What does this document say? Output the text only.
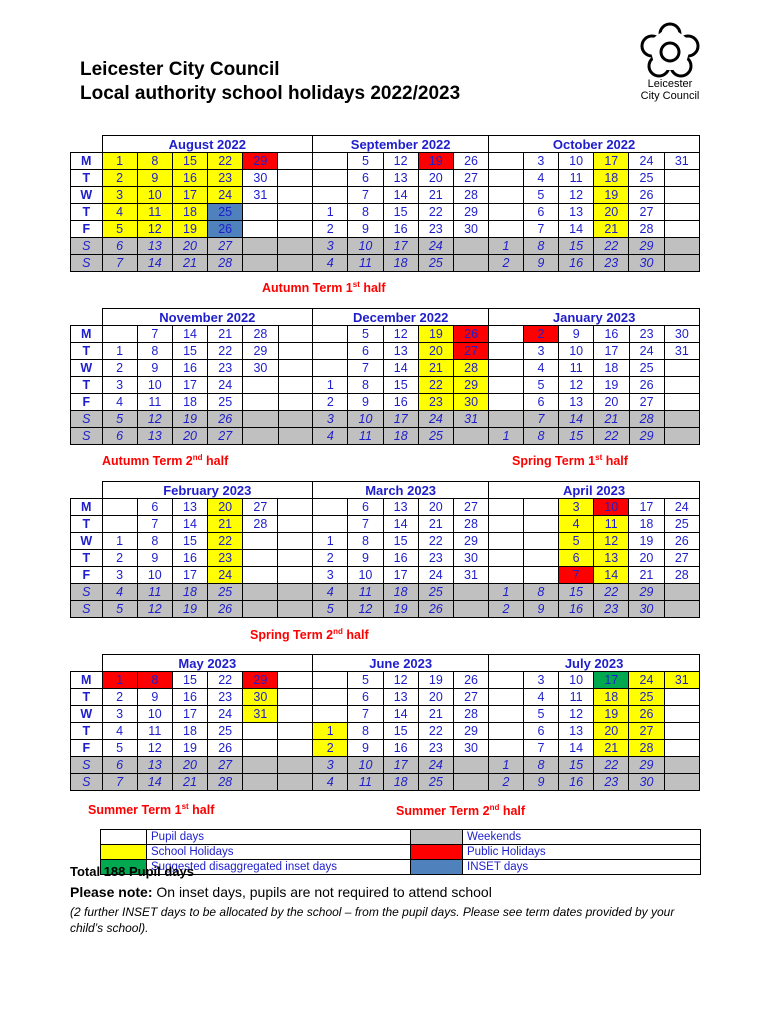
Leicester City Council
Local authority school holidays 2022/2023	Leicester
City Council
	August 2022						September 2022					October 2022					
M	1	8	15	22	29			5	12	19	26		3	10	17	24	31
T	2	9	16	23	30			6	13	20	27		4	11	18	25	
W	3	10	17	24	31			7	14	21	28		5	12	19	26	
T	4	11	18	25			1	8	15	22	29		6	13	20	27	
F	5	12	19	26			2	9	16	23	30		7	14	21	28	
S	6	13	20	27			3	10	17	24		1	8	15	22	29	
S	7	14	21	28			4	11	18	25		2	9	16	23	30	
	November 2022						December 2022					January 2023					
M		7	14	21	28			5	12	19	26		2	9	16	23	30
T	1	8	15	22	29			6	13	20	27		3	10	17	24	31
W	2	9	16	23	30			7	14	21	28		4	11	18	25	
T	3	10	17	24			1	8	15	22	29		5	12	19	26	
F	4	11	18	25			2	9	16	23	30		6	13	20	27	
S	5	12	19	26			3	10	17	24	31		7	14	21	28	
S	6	13	20	27			4	11	18	25		1	8	15	22	29	
	February 2023						March 2023					April 2023					
M		6	13	20	27			6	13	20	27			3	10	17	24
T		7	14	21	28			7	14	21	28			4	11	18	25
W	1	8	15	22			1	8	15	22	29			5	12	19	26
T	2	9	16	23			2	9	16	23	30			6	13	20	27
F	3	10	17	24			3	10	17	24	31			7	14	21	28
S	4	11	18	25			4	11	18	25		1	8	15	22	29	
S	5	12	19	26			5	12	19	26		2	9	16	23	30	
	May 2023						June 2023					July 2023					
M	1	8	15	22	29			5	12	19	26		3	10	17	24	31
T	2	9	16	23	30			6	13	20	27		4	11	18	25	
W	3	10	17	24	31			7	14	21	28		5	12	19	26	
T	4	11	18	25			1	8	15	22	29		6	13	20	27	
F	5	12	19	26			2	9	16	23	30		7	14	21	28	
S	6	13	20	27			3	10	17	24		1	8	15	22	29	
S	7	14	21	28			4	11	18	25		2	9	16	23	30	
Autumn Term 1st half
Autumn Term 2nd half	Spring Term 1st half
Spring Term 2nd half
Summer Term 1st half	Summer Term 2nd half
	Pupil days		Weekends
	School Holidays		Public Holidays
	Suggested disaggregated inset days		INSET days
Total 188 Pupil days
Please note: On inset days, pupils are not required to attend school
(2 further INSET days to be allocated by the school – from the pupil days. Please see term dates provided by your child’s school).
